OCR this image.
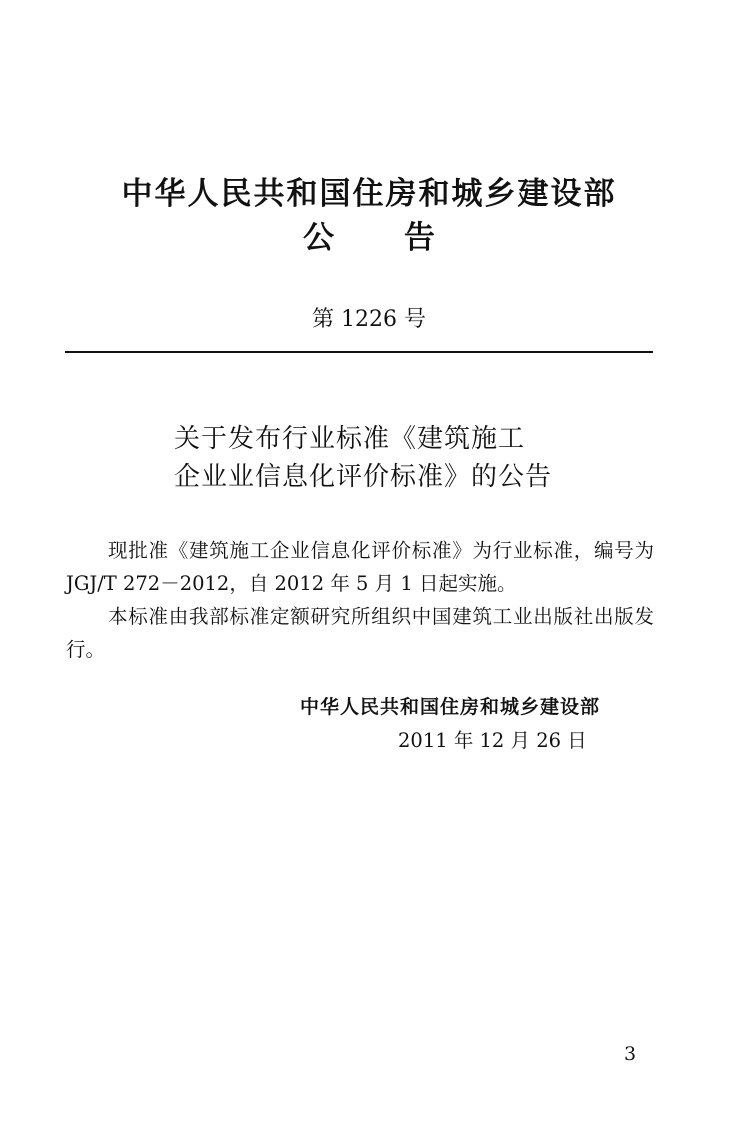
中华人民共和国住房和城乡建设部
公 告
第 1226 号
关于发布行业标准《建筑施工
企业业信息化评价标准》的公告

现批准《建筑施工企业信息化评价标准》为行业标准，编号为 JGJ/T 272－2012，自 2012 年 5 月 1 日起实施。

本标准由我部标准定额研究所组织中国建筑工业出版社出版发行。

中华人民共和国住房和城乡建设部
2011 年 12 月 26 日
3
